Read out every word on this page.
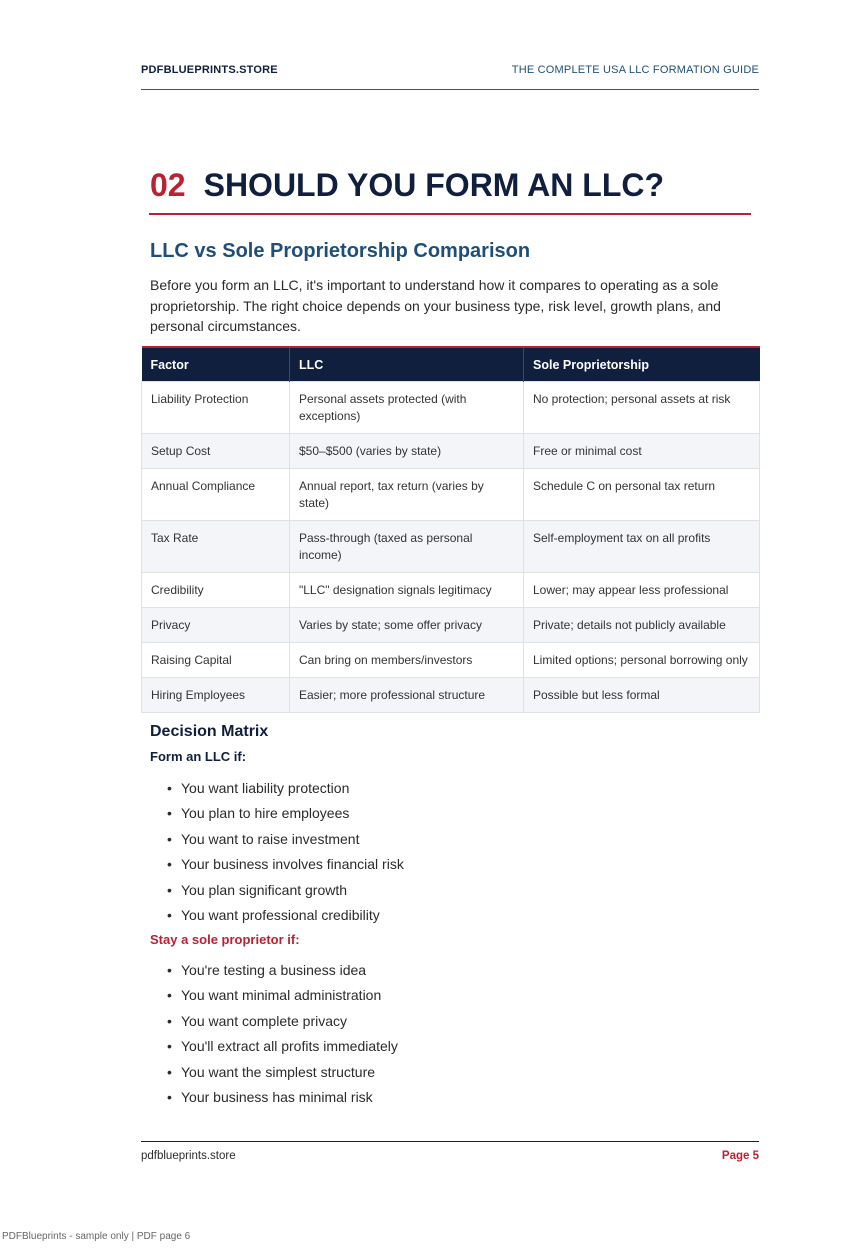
PDFBLUEPRINTS.STORE	THE COMPLETE USA LLC FORMATION GUIDE
02 SHOULD YOU FORM AN LLC?
LLC vs Sole Proprietorship Comparison
Before you form an LLC, it's important to understand how it compares to operating as a sole proprietorship. The right choice depends on your business type, risk level, growth plans, and personal circumstances.
Factor	LLC	Sole Proprietorship
Liability Protection	Personal assets protected (with exceptions)	No protection; personal assets at risk
Setup Cost	$50–$500 (varies by state)	Free or minimal cost
Annual Compliance	Annual report, tax return (varies by state)	Schedule C on personal tax return
Tax Rate	Pass-through (taxed as personal income)	Self-employment tax on all profits
Credibility	"LLC" designation signals legitimacy	Lower; may appear less professional
Privacy	Varies by state; some offer privacy	Private; details not publicly available
Raising Capital	Can bring on members/investors	Limited options; personal borrowing only
Hiring Employees	Easier; more professional structure	Possible but less formal
Decision Matrix
Form an LLC if:
• You want liability protection
• You plan to hire employees
• You want to raise investment
• Your business involves financial risk
• You plan significant growth
• You want professional credibility
Stay a sole proprietor if:
• You're testing a business idea
• You want minimal administration
• You want complete privacy
• You'll extract all profits immediately
• You want the simplest structure
• Your business has minimal risk
pdfblueprints.store	Page 5
PDFBlueprints - sample only | PDF page 6
